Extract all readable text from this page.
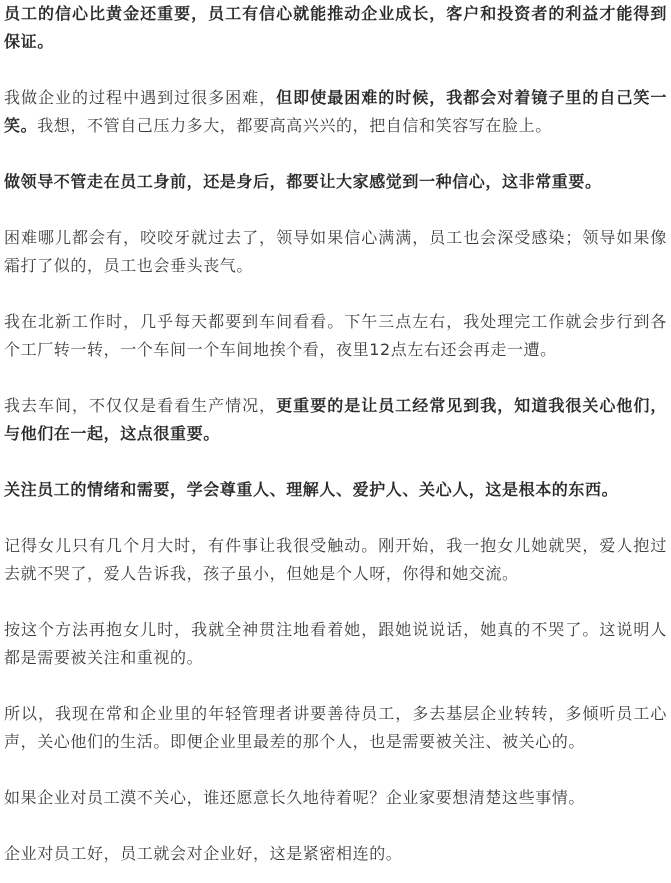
员工的信心比黄金还重要，员工有信心就能推动企业成长，客户和投资者的利益才能得到保证。

我做企业的过程中遇到过很多困难，但即使最困难的时候，我都会对着镜子里的自己笑一笑。我想，不管自己压力多大，都要高高兴兴的，把自信和笑容写在脸上。

做领导不管走在员工身前，还是身后，都要让大家感觉到一种信心，这非常重要。

困难哪儿都会有，咬咬牙就过去了，领导如果信心满满，员工也会深受感染；领导如果像霜打了似的，员工也会垂头丧气。

我在北新工作时，几乎每天都要到车间看看。下午三点左右，我处理完工作就会步行到各个工厂转一转，一个车间一个车间地挨个看，夜里12点左右还会再走一遭。

我去车间，不仅仅是看看生产情况，更重要的是让员工经常见到我，知道我很关心他们，与他们在一起，这点很重要。

关注员工的情绪和需要，学会尊重人、理解人、爱护人、关心人，这是根本的东西。

记得女儿只有几个月大时，有件事让我很受触动。刚开始，我一抱女儿她就哭，爱人抱过去就不哭了，爱人告诉我，孩子虽小，但她是个人呀，你得和她交流。

按这个方法再抱女儿时，我就全神贯注地看着她，跟她说说话，她真的不哭了。这说明人都是需要被关注和重视的。

所以，我现在常和企业里的年轻管理者讲要善待员工，多去基层企业转转，多倾听员工心声，关心他们的生活。即便企业里最差的那个人，也是需要被关注、被关心的。

如果企业对员工漠不关心，谁还愿意长久地待着呢？企业家要想清楚这些事情。

企业对员工好，员工就会对企业好，这是紧密相连的。
